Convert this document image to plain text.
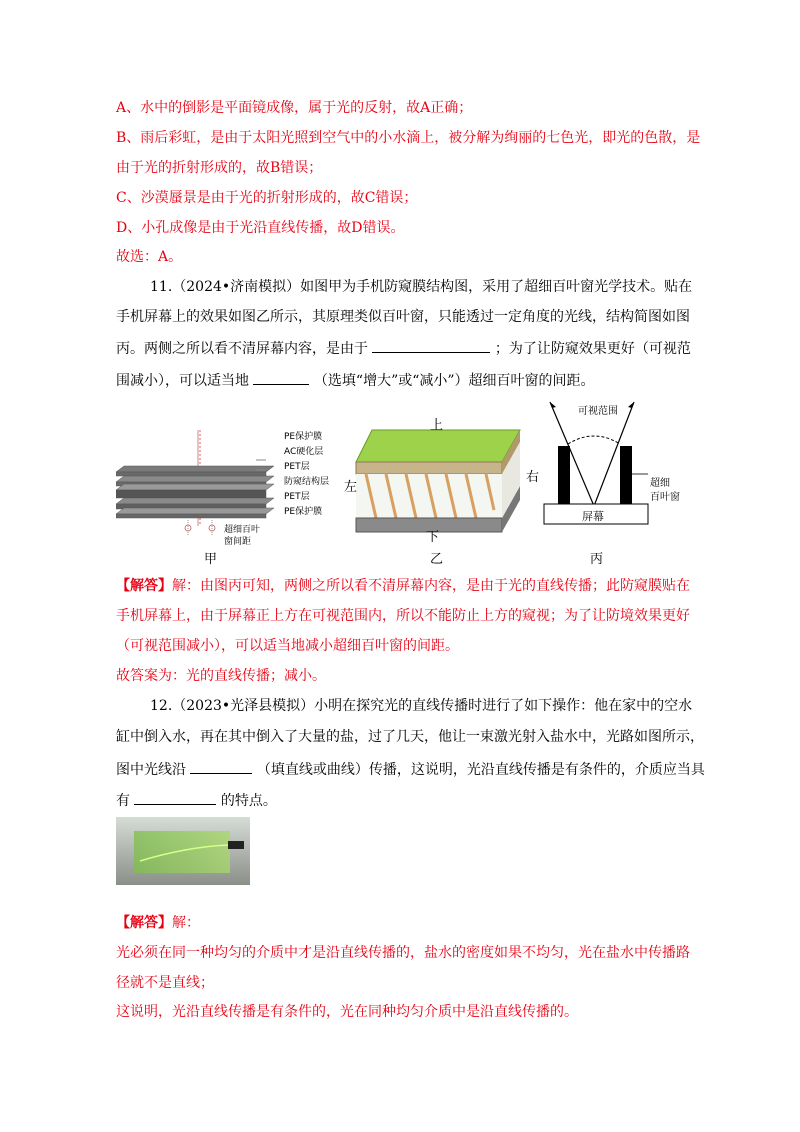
A、水中的倒影是平面镜成像，属于光的反射，故A正确；
B、雨后彩虹，是由于太阳光照到空气中的小水滴上，被分解为绚丽的七色光，即光的色散，是
由于光的折射形成的，故B错误；
C、沙漠蜃景是由于光的折射形成的，故C错误；
D、小孔成像是由于光沿直线传播，故D错误。
故选：A。
11.（2024•济南模拟）如图甲为手机防窥膜结构图，采用了超细百叶窗光学技术。贴在
手机屏幕上的效果如图乙所示，其原理类似百叶窗，只能透过一定角度的光线，结构简图如图
丙。两侧之所以看不清屏幕内容，是由于	；为了让防窥效果更好（可视范
围减小），可以适当地	（选填“增大”或“减小”）超细百叶窗的间距。
超细百叶
窗间距
甲
PE保护膜
AC硬化层
PET层
防窥结构层
PET层
PE保护膜
上
左
右
下
乙
可视范围
超细
百叶窗
屏幕
丙
【解答】解：由图丙可知，两侧之所以看不清屏幕内容，是由于光的直线传播；此防窥膜贴在
手机屏幕上，由于屏幕正上方在可视范围内，所以不能防止上方的窥视；为了让防境效果更好
（可视范围减小），可以适当地减小超细百叶窗的间距。
故答案为：光的直线传播；减小。
12.（2023•光泽县模拟）小明在探究光的直线传播时进行了如下操作：他在家中的空水
缸中倒入水，再在其中倒入了大量的盐，过了几天，他让一束激光射入盐水中，光路如图所示，
图中光线沿	（填直线或曲线）传播，这说明，光沿直线传播是有条件的，介质应当具
有	的特点。
【解答】解：
光必须在同一种均匀的介质中才是沿直线传播的，盐水的密度如果不均匀，光在盐水中传播路
径就不是直线；
这说明，光沿直线传播是有条件的，光在同种均匀介质中是沿直线传播的。
